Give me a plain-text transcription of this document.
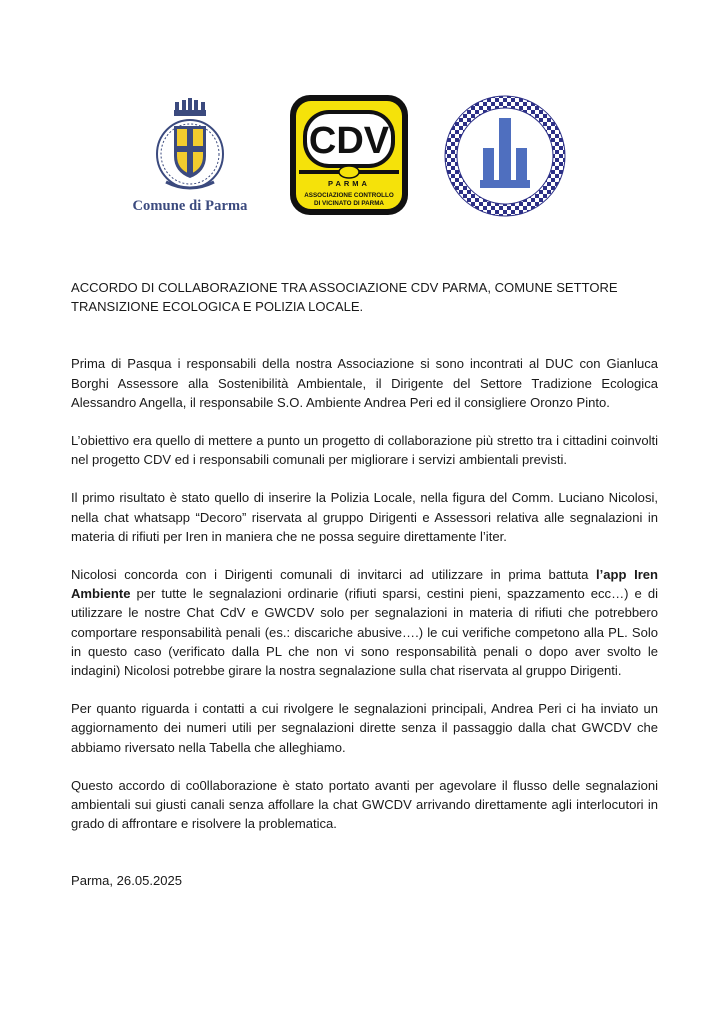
Comune di Parma
CDV
PARMA
ASSOCIAZIONE CONTROLLO
DI VICINATO DI PARMA
ACCORDO DI COLLABORAZIONE TRA ASSOCIAZIONE CDV PARMA, COMUNE SETTORE TRANSIZIONE ECOLOGICA E POLIZIA LOCALE.

Prima di Pasqua i responsabili della nostra Associazione si sono incontrati al DUC con Gianluca Borghi Assessore alla Sostenibilità Ambientale, il Dirigente del Settore Tradizione Ecologica Alessandro Angella, il responsabile S.O. Ambiente Andrea Peri ed il consigliere Oronzo Pinto.

L’obiettivo era quello di mettere a punto un progetto di collaborazione più stretto tra i cittadini coinvolti nel progetto CDV ed i responsabili comunali per migliorare i servizi ambientali previsti.

Il primo risultato è stato quello di inserire la Polizia Locale, nella figura del Comm. Luciano Nicolosi, nella chat whatsapp “Decoro” riservata al gruppo Dirigenti e Assessori relativa alle segnalazioni in materia di rifiuti per Iren in maniera che ne possa seguire direttamente l’iter.

Nicolosi concorda con i Dirigenti comunali di invitarci ad utilizzare in prima battuta l’app Iren Ambiente per tutte le segnalazioni ordinarie (rifiuti sparsi, cestini pieni, spazzamento ecc…) e di utilizzare le nostre Chat CdV e GWCDV solo per segnalazioni in materia di rifiuti che potrebbero comportare responsabilità penali (es.: discariche abusive….) le cui verifiche competono alla PL. Solo in questo caso (verificato dalla PL che non vi sono responsabilità penali o dopo aver svolto le indagini) Nicolosi potrebbe girare la nostra segnalazione sulla chat riservata al gruppo Dirigenti.

Per quanto riguarda i contatti a cui rivolgere le segnalazioni principali, Andrea Peri ci ha inviato un aggiornamento dei numeri utili per segnalazioni dirette senza il passaggio dalla chat GWCDV che abbiamo riversato nella Tabella che alleghiamo.

Questo accordo di co0llaborazione è stato portato avanti per agevolare il flusso delle segnalazioni ambientali sui giusti canali senza affollare la chat GWCDV arrivando direttamente agli interlocutori in grado di affrontare e risolvere la problematica.

Parma, 26.05.2025
